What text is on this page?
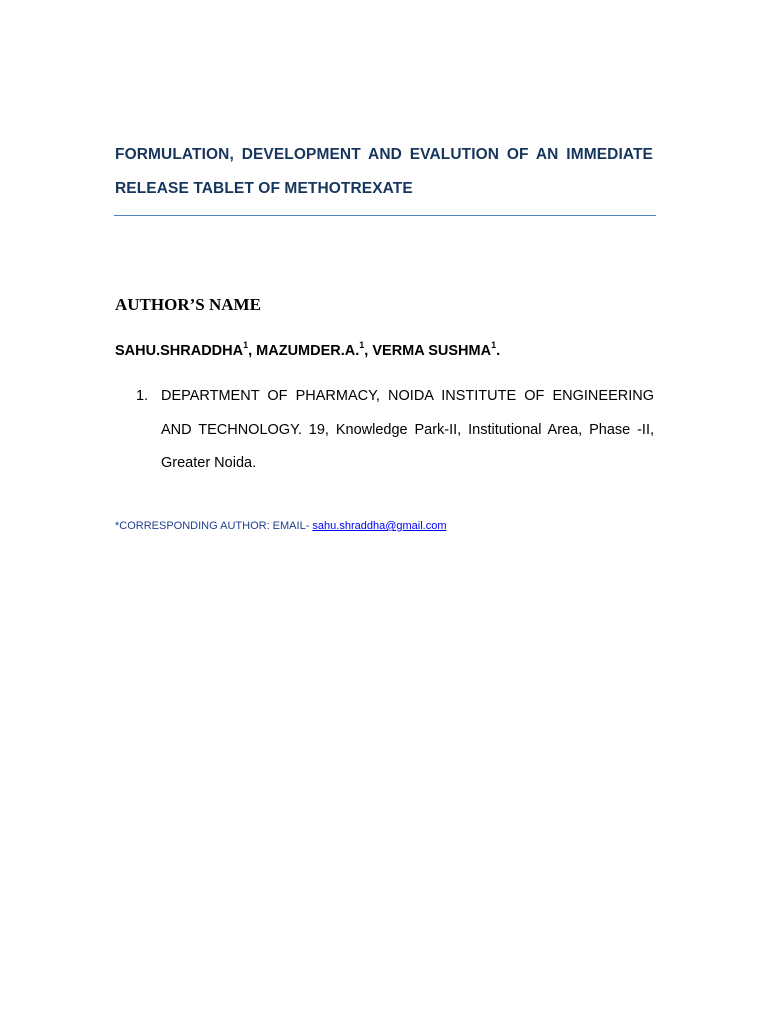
FORMULATION, DEVELOPMENT AND EVALUTION OF AN IMMEDIATE RELEASE TABLET OF METHOTREXATE
AUTHOR’S NAME
SAHU.SHRADDHA$^1$, MAZUMDER.A.$^1$, VERMA SUSHMA$^1$.
1. DEPARTMENT OF PHARMACY, NOIDA INSTITUTE OF ENGINEERING AND TECHNOLOGY. 19, Knowledge Park-II, Institutional Area, Phase -II, Greater Noida.
*CORRESPONDING AUTHOR: EMAIL- sahu.shraddha@gmail.com
